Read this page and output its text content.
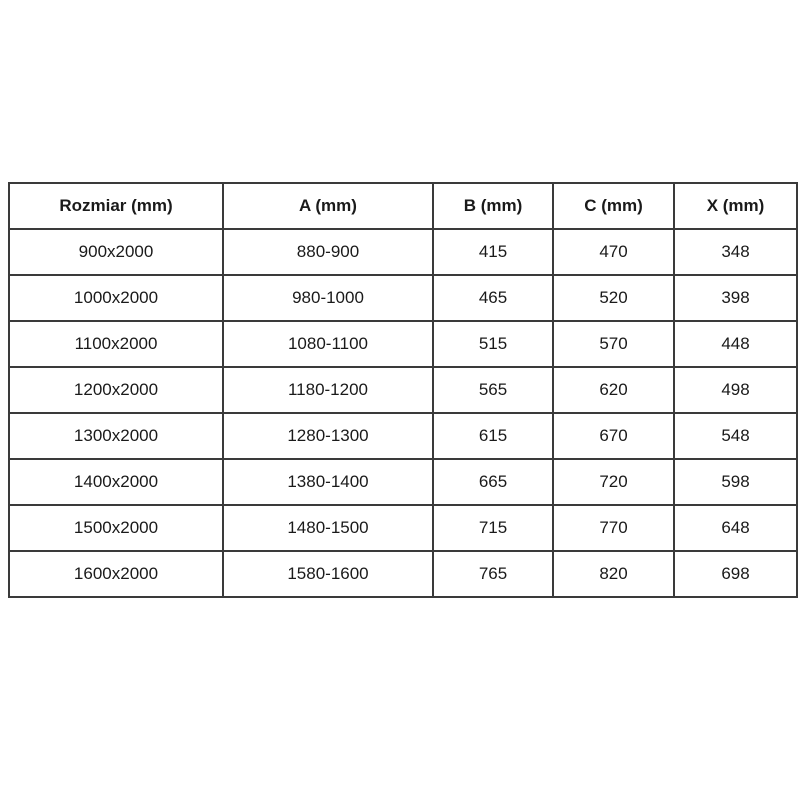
Rozmiar (mm)	A (mm)	B (mm)	C (mm)	X (mm)
900x2000	880-900	415	470	348
1000x2000	980-1000	465	520	398
1100x2000	1080-1100	515	570	448
1200x2000	1180-1200	565	620	498
1300x2000	1280-1300	615	670	548
1400x2000	1380-1400	665	720	598
1500x2000	1480-1500	715	770	648
1600x2000	1580-1600	765	820	698
